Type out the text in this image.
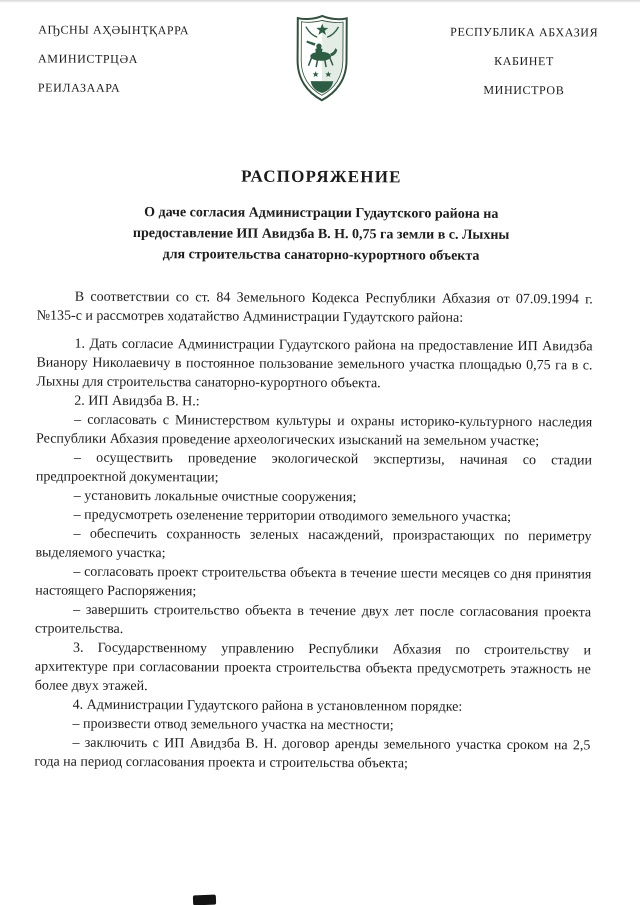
АҦСНЫ АҲӘЫНҬҚАРРА
АМИНИСТРЦӘА
РЕИЛАЗААРА
РЕСПУБЛИКА АБХАЗИЯ
КАБИНЕТ
МИНИСТРОВ
РАСПОРЯЖЕНИЕ
О даче согласия Администрации Гудаутского района на
предоставление ИП Авидзба В. Н. 0,75 га земли в с. Лыхны
для строительства санаторно-курортного объекта

В соответствии со ст. 84 Земельного Кодекса Республики Абхазия от 07.09.1994 г. №135-с и рассмотрев ходатайство Администрации Гудаутского района:

1. Дать согласие Администрации Гудаутского района на предоставление ИП Авидзба Вианору Николаевичу в постоянное пользование земельного участка площадью 0,75 га в с. Лыхны для строительства санаторно-курортного объекта.

2. ИП Авидзба В. Н.:

– согласовать с Министерством культуры и охраны историко-культурного наследия Республики Абхазия проведение археологических изысканий на земельном участке;

– осуществить проведение экологической экспертизы, начиная со стадии предпроектной документации;

– установить локальные очистные сооружения;

– предусмотреть озеленение территории отводимого земельного участка;

– обеспечить сохранность зеленых насаждений, произрастающих по периметру выделяемого участка;

– согласовать проект строительства объекта в течение шести месяцев со дня принятия настоящего Распоряжения;

– завершить строительство объекта в течение двух лет после согласования проекта строительства.

3. Государственному управлению Республики Абхазия по строительству и архитектуре при согласовании проекта строительства объекта предусмотреть этажность не более двух этажей.

4. Администрации Гудаутского района в установленном порядке:

– произвести отвод земельного участка на местности;

– заключить с ИП Авидзба В. Н. договор аренды земельного участка сроком на 2,5 года на период согласования проекта и строительства объекта;
